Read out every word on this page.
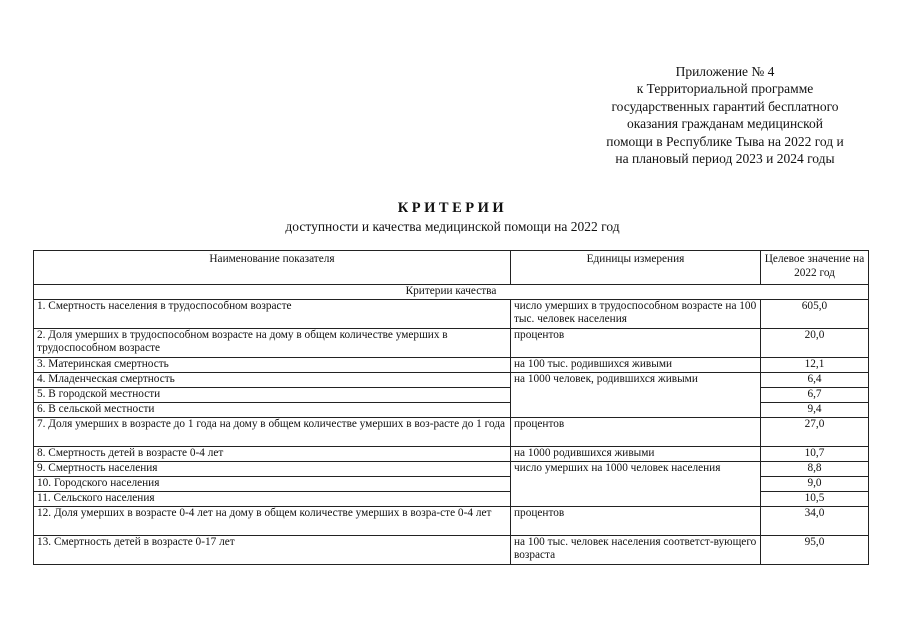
Приложение № 4
к Территориальной программе
государственных гарантий бесплатного
оказания гражданам медицинской
помощи в Республике Тыва на 2022 год и
на плановый период 2023 и 2024 годы
КРИТЕРИИ
доступности и качества медицинской помощи на 2022 год
Наименование показателя	Единицы измерения	Целевое значение на 2022 год
Критерии качества		
1. Смертность населения в трудоспособном возрасте	число умерших в трудоспособном возрасте на 100 тыс. человек населения	605,0
2. Доля умерших в трудоспособном возрасте на дому в общем количестве умерших в трудоспособном возрасте	процентов	20,0
3. Материнская смертность	на 100 тыс. родившихся живыми	12,1
4. Младенческая смертность	на 1000 человек, родившихся живыми	6,4
5. В городской местности		6,7
6. В сельской местности		9,4
7. Доля умерших в возрасте до 1 года на дому в общем количестве умерших в воз-расте до 1 года	процентов	27,0
8. Смертность детей в возрасте 0-4 лет	на 1000 родившихся живыми	10,7
9. Смертность населения	число умерших на 1000 человек населения	8,8
10. Городского населения		9,0
11. Сельского населения		10,5
12. Доля умерших в возрасте 0-4 лет на дому в общем количестве умерших в возра-сте 0-4 лет	процентов	34,0
13. Смертность детей в возрасте 0-17 лет	на 100 тыс. человек населения соответст-вующего возраста	95,0
